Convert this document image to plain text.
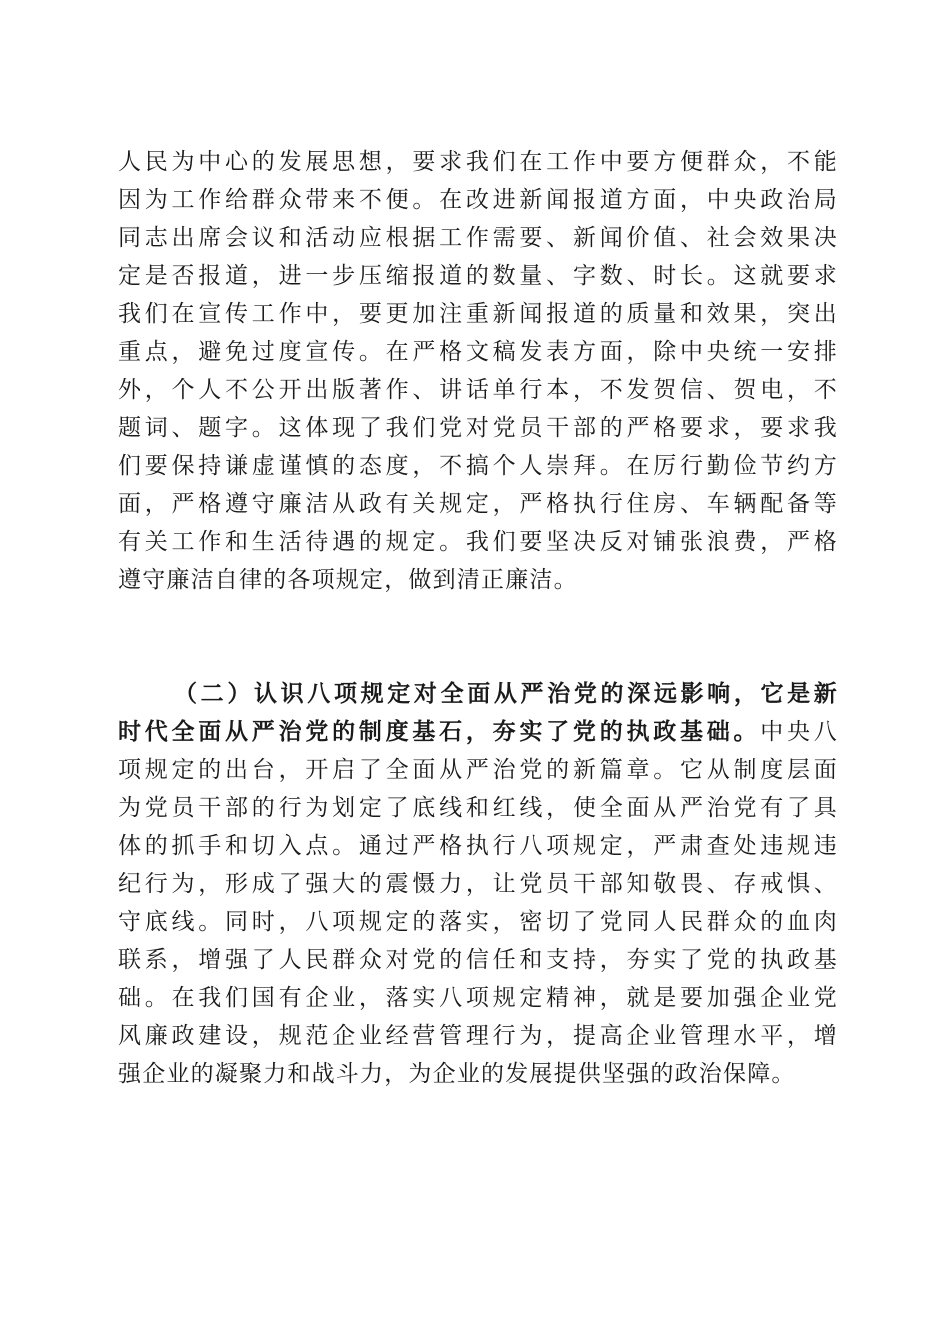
人民为中心的发展思想，要求我们在工作中要方便群众，不能
因为工作给群众带来不便。在改进新闻报道方面，中央政治局
同志出席会议和活动应根据工作需要、新闻价值、社会效果决
定是否报道，进一步压缩报道的数量、字数、时长。这就要求
我们在宣传工作中，要更加注重新闻报道的质量和效果，突出
重点，避免过度宣传。在严格文稿发表方面，除中央统一安排
外，个人不公开出版著作、讲话单行本，不发贺信、贺电，不
题词、题字。这体现了我们党对党员干部的严格要求，要求我
们要保持谦虚谨慎的态度，不搞个人崇拜。在厉行勤俭节约方
面，严格遵守廉洁从政有关规定，严格执行住房、车辆配备等
有关工作和生活待遇的规定。我们要坚决反对铺张浪费，严格
遵守廉洁自律的各项规定，做到清正廉洁。
（二）认识八项规定对全面从严治党的深远影响，它是新
时代全面从严治党的制度基石，夯实了党的执政基础。中央八
项规定的出台，开启了全面从严治党的新篇章。它从制度层面
为党员干部的行为划定了底线和红线，使全面从严治党有了具
体的抓手和切入点。通过严格执行八项规定，严肃查处违规违
纪行为，形成了强大的震慑力，让党员干部知敬畏、存戒惧、
守底线。同时，八项规定的落实，密切了党同人民群众的血肉
联系，增强了人民群众对党的信任和支持，夯实了党的执政基
础。在我们国有企业，落实八项规定精神，就是要加强企业党
风廉政建设，规范企业经营管理行为，提高企业管理水平，增
强企业的凝聚力和战斗力，为企业的发展提供坚强的政治保障。
